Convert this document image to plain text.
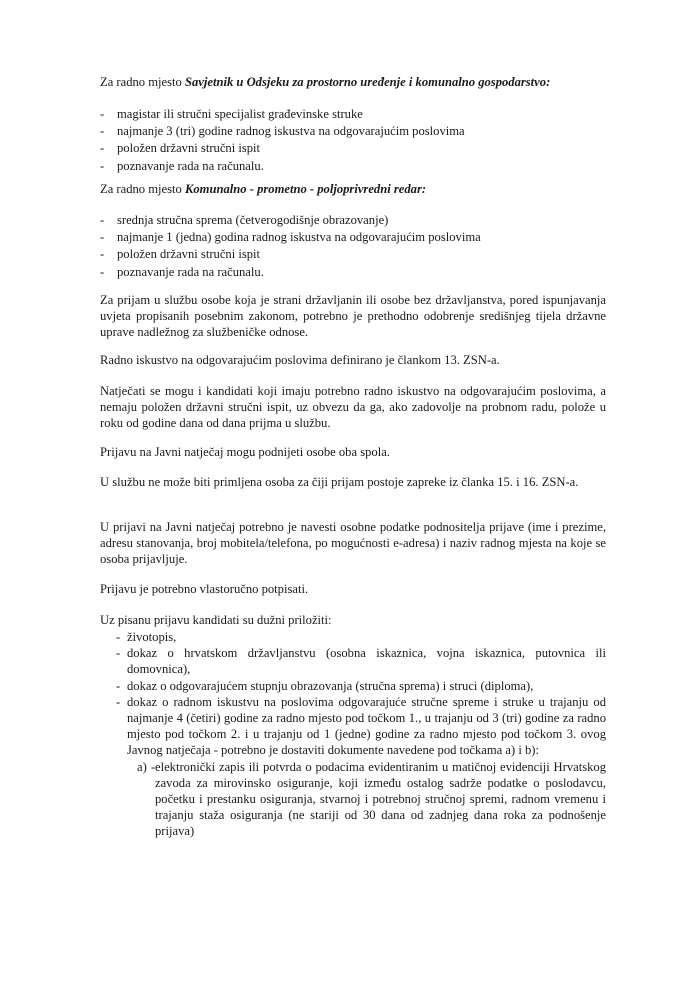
Za radno mjesto Savjetnik u Odsjeku za prostorno uređenje i komunalno gospodarstvo:

- magistar ili stručni specijalist građevinske struke
- najmanje 3 (tri) godine radnog iskustva na odgovarajućim poslovima
- položen državni stručni ispit
- poznavanje rada na računalu.

Za radno mjesto Komunalno - prometno - poljoprivredni redar:

- srednja stručna sprema (četverogodišnje obrazovanje)
- najmanje 1 (jedna) godina radnog iskustva na odgovarajućim poslovima
- položen državni stručni ispit
- poznavanje rada na računalu.

Za prijam u službu osobe koja je strani državljanin ili osobe bez državljanstva, pored ispunjavanja uvjeta propisanih posebnim zakonom, potrebno je prethodno odobrenje središnjeg tijela državne uprave nadležnog za službeničke odnose.

Radno iskustvo na odgovarajućim poslovima definirano je člankom 13. ZSN-a.

Natječati se mogu i kandidati koji imaju potrebno radno iskustvo na odgovarajućim poslovima, a nemaju položen državni stručni ispit, uz obvezu da ga, ako zadovolje na probnom radu, polože u roku od godine dana od dana prijma u službu.

Prijavu na Javni natječaj mogu podnijeti osobe oba spola.

U službu ne može biti primljena osoba za čiji prijam postoje zapreke iz članka 15. i 16. ZSN-a.

U prijavi na Javni natječaj potrebno je navesti osobne podatke podnositelja prijave (ime i prezime, adresu stanovanja, broj mobitela/telefona, po mogućnosti e-adresa) i naziv radnog mjesta na koje se osoba prijavljuje.

Prijavu je potrebno vlastoručno potpisati.

Uz pisanu prijavu kandidati su dužni priložiti:

- životopis,
- dokaz o hrvatskom državljanstvu (osobna iskaznica, vojna iskaznica, putovnica ili domovnica),
- dokaz o odgovarajućem stupnju obrazovanja (stručna sprema) i struci (diploma),
- dokaz o radnom iskustvu na poslovima odgovarajuće stručne spreme i struke u trajanju od najmanje 4 (četiri) godine za radno mjesto pod točkom 1., u trajanju od 3 (tri) godine za radno mjesto pod točkom 2. i u trajanju od 1 (jedne) godine za radno mjesto pod točkom 3. ovog Javnog natječaja - potrebno je dostaviti dokumente navedene pod točkama a) i b):
- a) elektronički zapis ili potvrda o podacima evidentiranim u matičnoj evidenciji Hrvatskog zavoda za mirovinsko osiguranje, koji između ostalog sadrže podatke o poslodavcu, početku i prestanku osiguranja, stvarnoj i potrebnoj stručnoj spremi, radnom vremenu i trajanju staža osiguranja (ne stariji od 30 dana od zadnjeg dana roka za podnošenje prijava)
